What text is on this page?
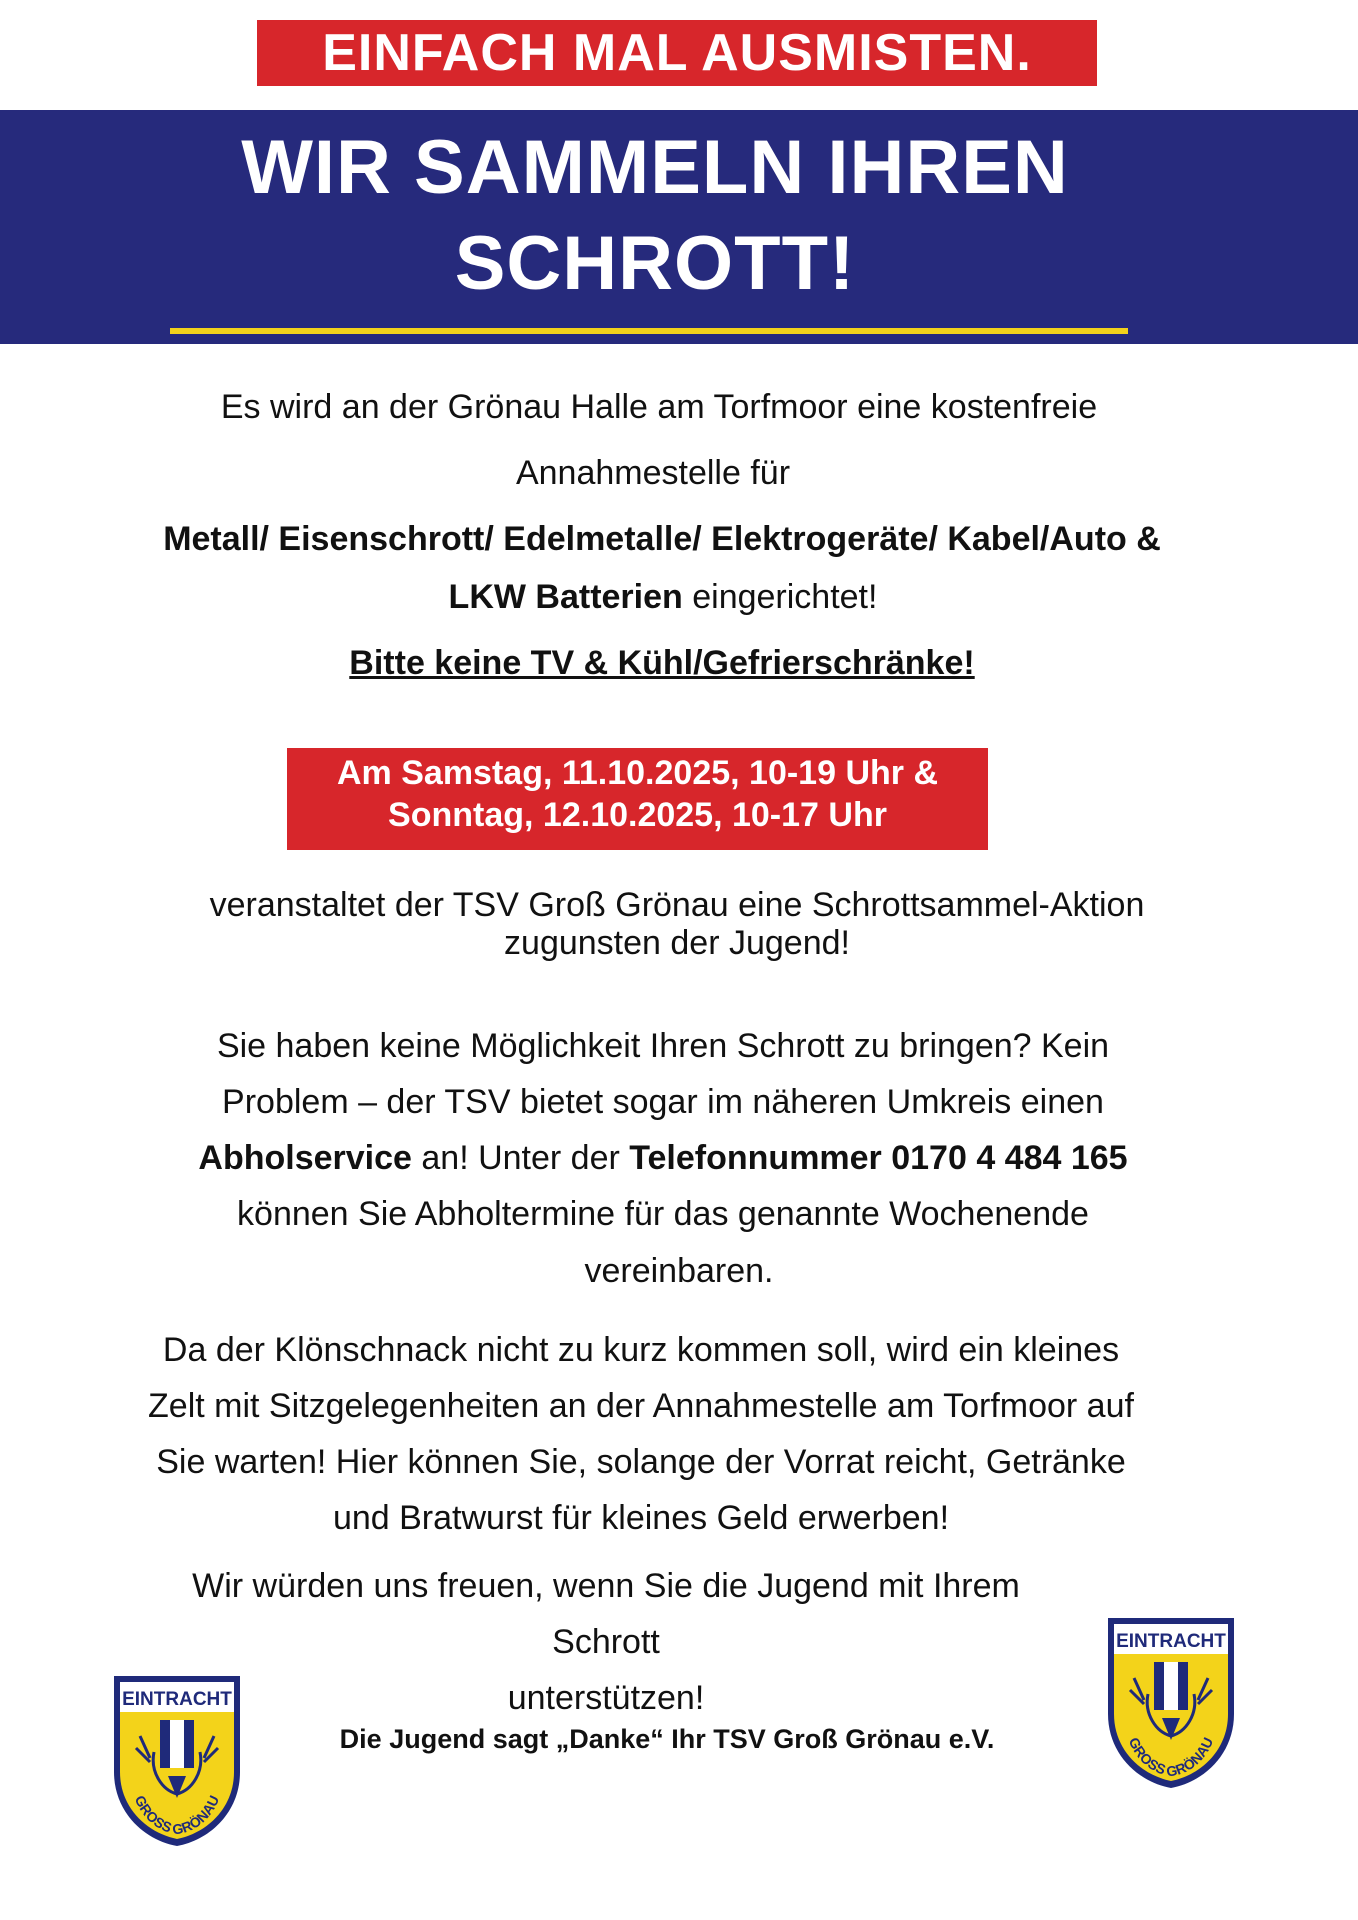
EINFACH MAL AUSMISTEN.
WIR SAMMELN IHREN
SCHROTT!
Es wird an der Grönau Halle am Torfmoor eine kostenfreie
Annahmestelle für
Metall/ Eisenschrott/ Edelmetalle/ Elektrogeräte/ Kabel/Auto &
LKW Batterien eingerichtet!
Bitte keine TV & Kühl/Gefrierschränke!
Am Samstag, 11.10.2025, 10-19 Uhr &
Sonntag, 12.10.2025, 10-17 Uhr
veranstaltet der TSV Groß Grönau eine Schrottsammel-Aktion
zugunsten der Jugend!
Sie haben keine Möglichkeit Ihren Schrott zu bringen? Kein
Problem – der TSV bietet sogar im näheren Umkreis einen
Abholservice an! Unter der Telefonnummer 0170 4 484 165
können Sie Abholtermine für das genannte Wochenende
vereinbaren.
Da der Klönschnack nicht zu kurz kommen soll, wird ein kleines
Zelt mit Sitzgelegenheiten an der Annahmestelle am Torfmoor auf
Sie warten! Hier können Sie, solange der Vorrat reicht, Getränke
und Bratwurst für kleines Geld erwerben!
Wir würden uns freuen, wenn Sie die Jugend mit Ihrem
Schrott
unterstützen!
Die Jugend sagt „Danke“ Ihr TSV Groß Grönau e.V.
EINTRACHT
GROSS GRÖNAU
EINTRACHT
GROSS GRÖNAU
